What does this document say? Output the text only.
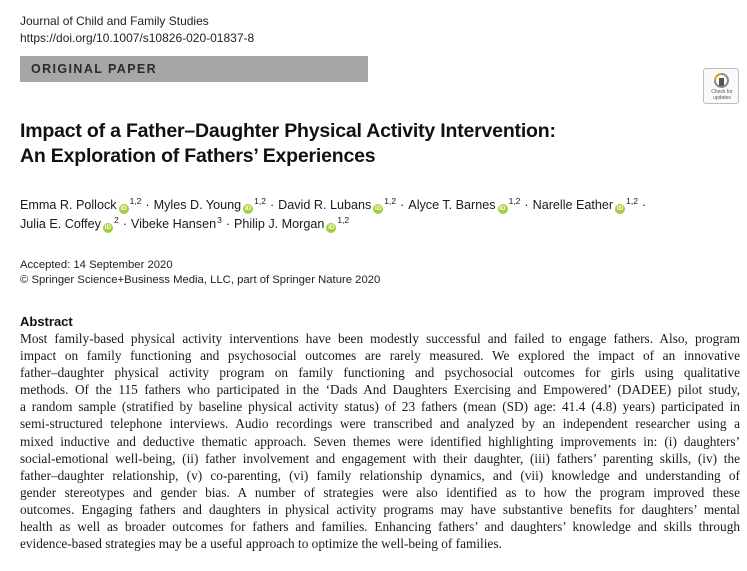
Journal of Child and Family Studies
https://doi.org/10.1007/s10826-020-01837-8
ORIGINAL PAPER
Check for
updates
Impact of a Father–Daughter Physical Activity Intervention:
An Exploration of Fathers’ Experiences
Emma R. Pollock iD$^{1,2}$ · Myles D. Young iD$^{1,2}$ · David R. Lubans iD$^{1,2}$ · Alyce T. Barnes iD$^{1,2}$ · Narelle Eather iD$^{1,2}$ ·
Julia E. Coffey $iD^2$ · Vibeke Hansen$^3$ · Philip J. Morgan iD$^{1,2}$
Accepted: 14 September 2020
© Springer Science+Business Media, LLC, part of Springer Nature 2020
Abstract
Most family-based physical activity interventions have been modestly successful and failed to engage fathers. Also, program
impact on family functioning and psychosocial outcomes are rarely measured. We explored the impact of an innovative
father–daughter physical activity program on family functioning and psychosocial outcomes for girls using qualitative
methods. Of the 115 fathers who participated in the ‘Dads And Daughters Exercising and Empowered’ (DADEE) pilot study,
a random sample (stratified by baseline physical activity status) of 23 fathers (mean (SD) age: 41.4 (4.8) years) participated in
semi-structured telephone interviews. Audio recordings were transcribed and analyzed by an independent researcher using a
mixed inductive and deductive thematic approach. Seven themes were identified highlighting improvements in: (i) daughters’
social-emotional well-being, (ii) father involvement and engagement with their daughter, (iii) fathers’ parenting skills, (iv) the
father–daughter relationship, (v) co-parenting, (vi) family relationship dynamics, and (vii) knowledge and understanding of
gender stereotypes and gender bias. A number of strategies were also identified as to how the program improved these
outcomes. Engaging fathers and daughters in physical activity programs may have substantive benefits for daughters’ mental
health as well as broader outcomes for fathers and families. Enhancing fathers’ and daughters’ knowledge and skills through
evidence-based strategies may be a useful approach to optimize the well-being of families.
